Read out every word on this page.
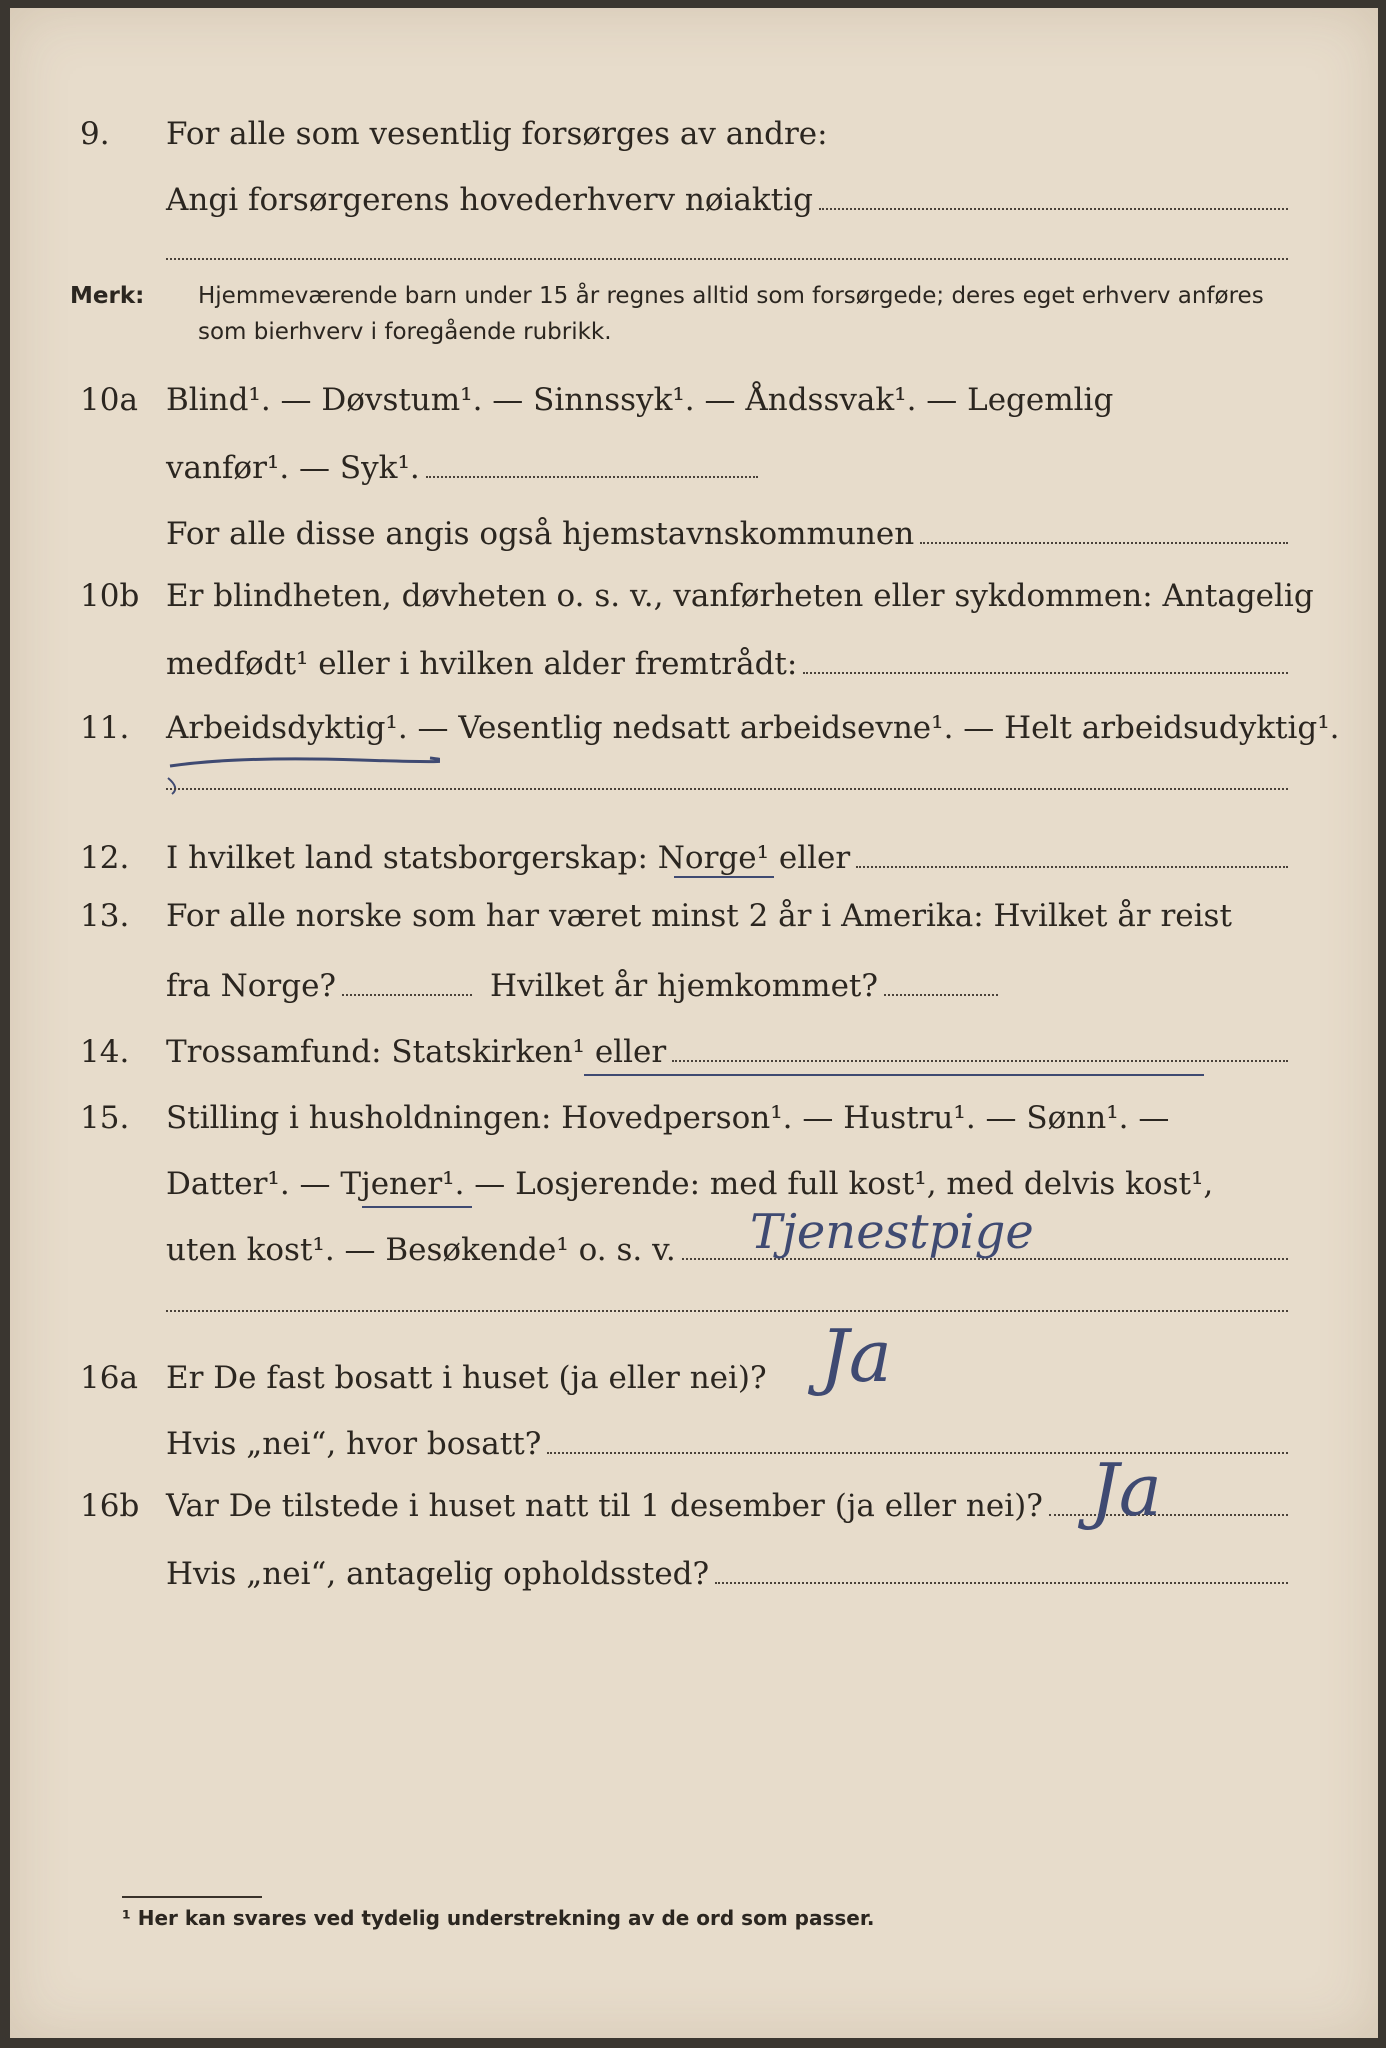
9.	For alle som vesentlig forsørges av andre:
Angi forsørgerens hovederhverv nøiaktig
Merk: Hjemmeværende barn under 15 år regnes alltid som forsørgede; deres eget erhverv anføres som bierhverv i foregående rubrikk.
10a Blind¹. — Døvstum¹. — Sinnssyk¹. — Åndssvak¹. — Legemlig
vanfør¹. — Syk¹.
For alle disse angis også hjemstavnskommunen
10b Er blindheten, døvheten o. s. v., vanførheten eller sykdommen: Antagelig
medfødt¹ eller i hvilken alder fremtrådt:
11.	Arbeidsdyktig¹. — Vesentlig nedsatt arbeidsevne¹. — Helt arbeidsudyktig¹.
12.	I hvilket land statsborgerskap: Norge¹ eller
13.	For alle norske som har været minst 2 år i Amerika: Hvilket år reist
fra Norge?	Hvilket år hjemkommet?
14.	Trossamfund: Statskirken¹ eller
15.	Stilling i husholdningen: Hovedperson¹. — Hustru¹. — Sønn¹. —
Datter¹. — Tjener¹. — Losjerende: med full kost¹, med delvis kost¹,
uten kost¹. — Besøkende¹ o. s. v. Tjenestpige
16a Er De fast bosatt i huset (ja eller nei)? Ja
Hvis „nei“, hvor bosatt?
16b Var De tilstede i huset natt til 1 desember (ja eller nei)? Ja
Hvis „nei“, antagelig opholdssted?
¹ Her kan svares ved tydelig understrekning av de ord som passer.
